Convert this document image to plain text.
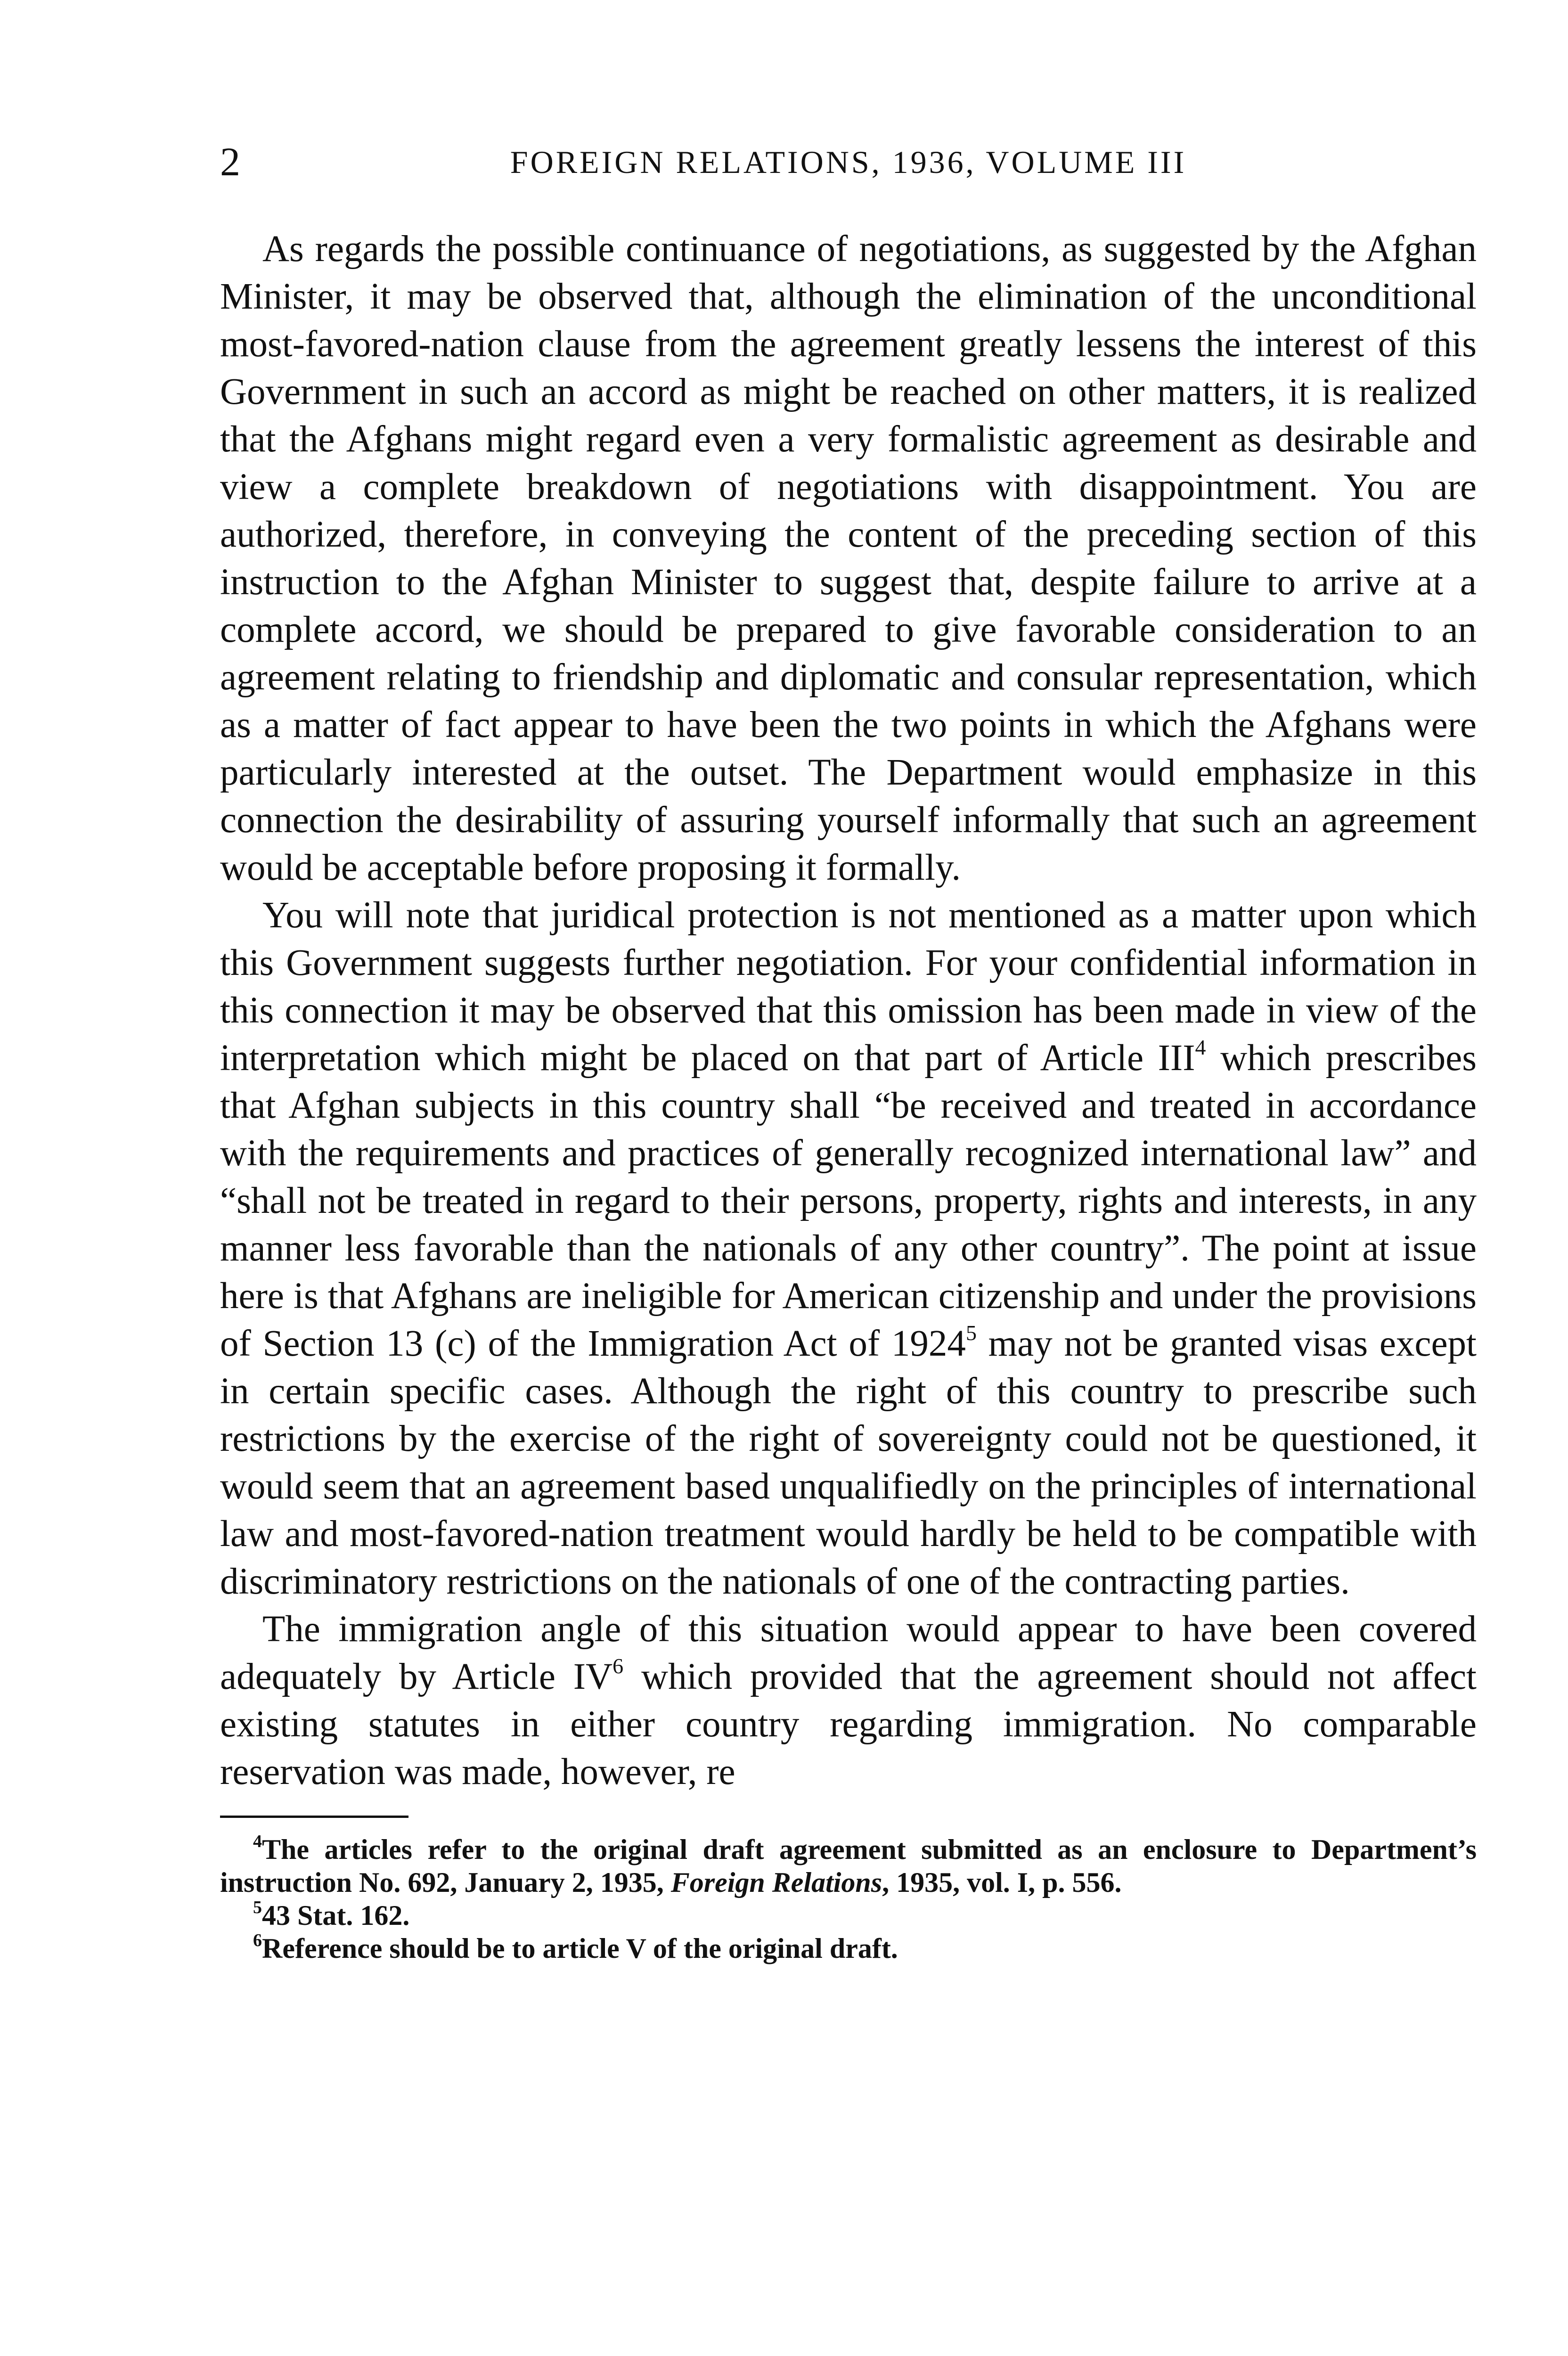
2	FOREIGN RELATIONS, 1936, VOLUME III

As regards the possible continuance of negotiations, as suggested by the Afghan Minister, it may be observed that, although the elimination of the unconditional most-favored-nation clause from the agreement greatly lessens the interest of this Government in such an accord as might be reached on other matters, it is realized that the Afghans might regard even a very formalistic agreement as desirable and view a complete breakdown of negotiations with disappointment. You are authorized, therefore, in conveying the content of the preceding section of this instruction to the Afghan Minister to suggest that, despite failure to arrive at a complete accord, we should be prepared to give favorable consideration to an agreement relating to friendship and diplomatic and consular representation, which as a matter of fact appear to have been the two points in which the Afghans were particularly interested at the outset. The Department would emphasize in this connection the desirability of assuring yourself informally that such an agreement would be acceptable before proposing it formally.

You will note that juridical protection is not mentioned as a matter upon which this Government suggests further negotiation. For your confidential information in this connection it may be observed that this omission has been made in view of the interpretation which might be placed on that part of Article III$^4$ which prescribes that Afghan subjects in this country shall “be received and treated in accordance with the requirements and practices of generally recognized international law” and “shall not be treated in regard to their persons, property, rights and interests, in any manner less favorable than the nationals of any other country”. The point at issue here is that Afghans are ineligible for American citizenship and under the provisions of Section 13 (c) of the Immigration Act of 1924$^5$ may not be granted visas except in certain specific cases. Although the right of this country to prescribe such restrictions by the exercise of the right of sovereignty could not be questioned, it would seem that an agreement based unqualifiedly on the principles of international law and most-favored-nation treatment would hardly be held to be compatible with discriminatory restrictions on the nationals of one of the contracting parties.

The immigration angle of this situation would appear to have been covered adequately by Article IV$^6$ which provided that the agreement should not affect existing statutes in either country regarding immigration. No comparable reservation was made, however, re

$^4$The articles refer to the original draft agreement submitted as an enclosure to Department’s instruction No. 692, January 2, 1935, Foreign Relations, 1935, vol. I, p. 556.

$^5$43 Stat. 162.

$^6$Reference should be to article V of the original draft.
